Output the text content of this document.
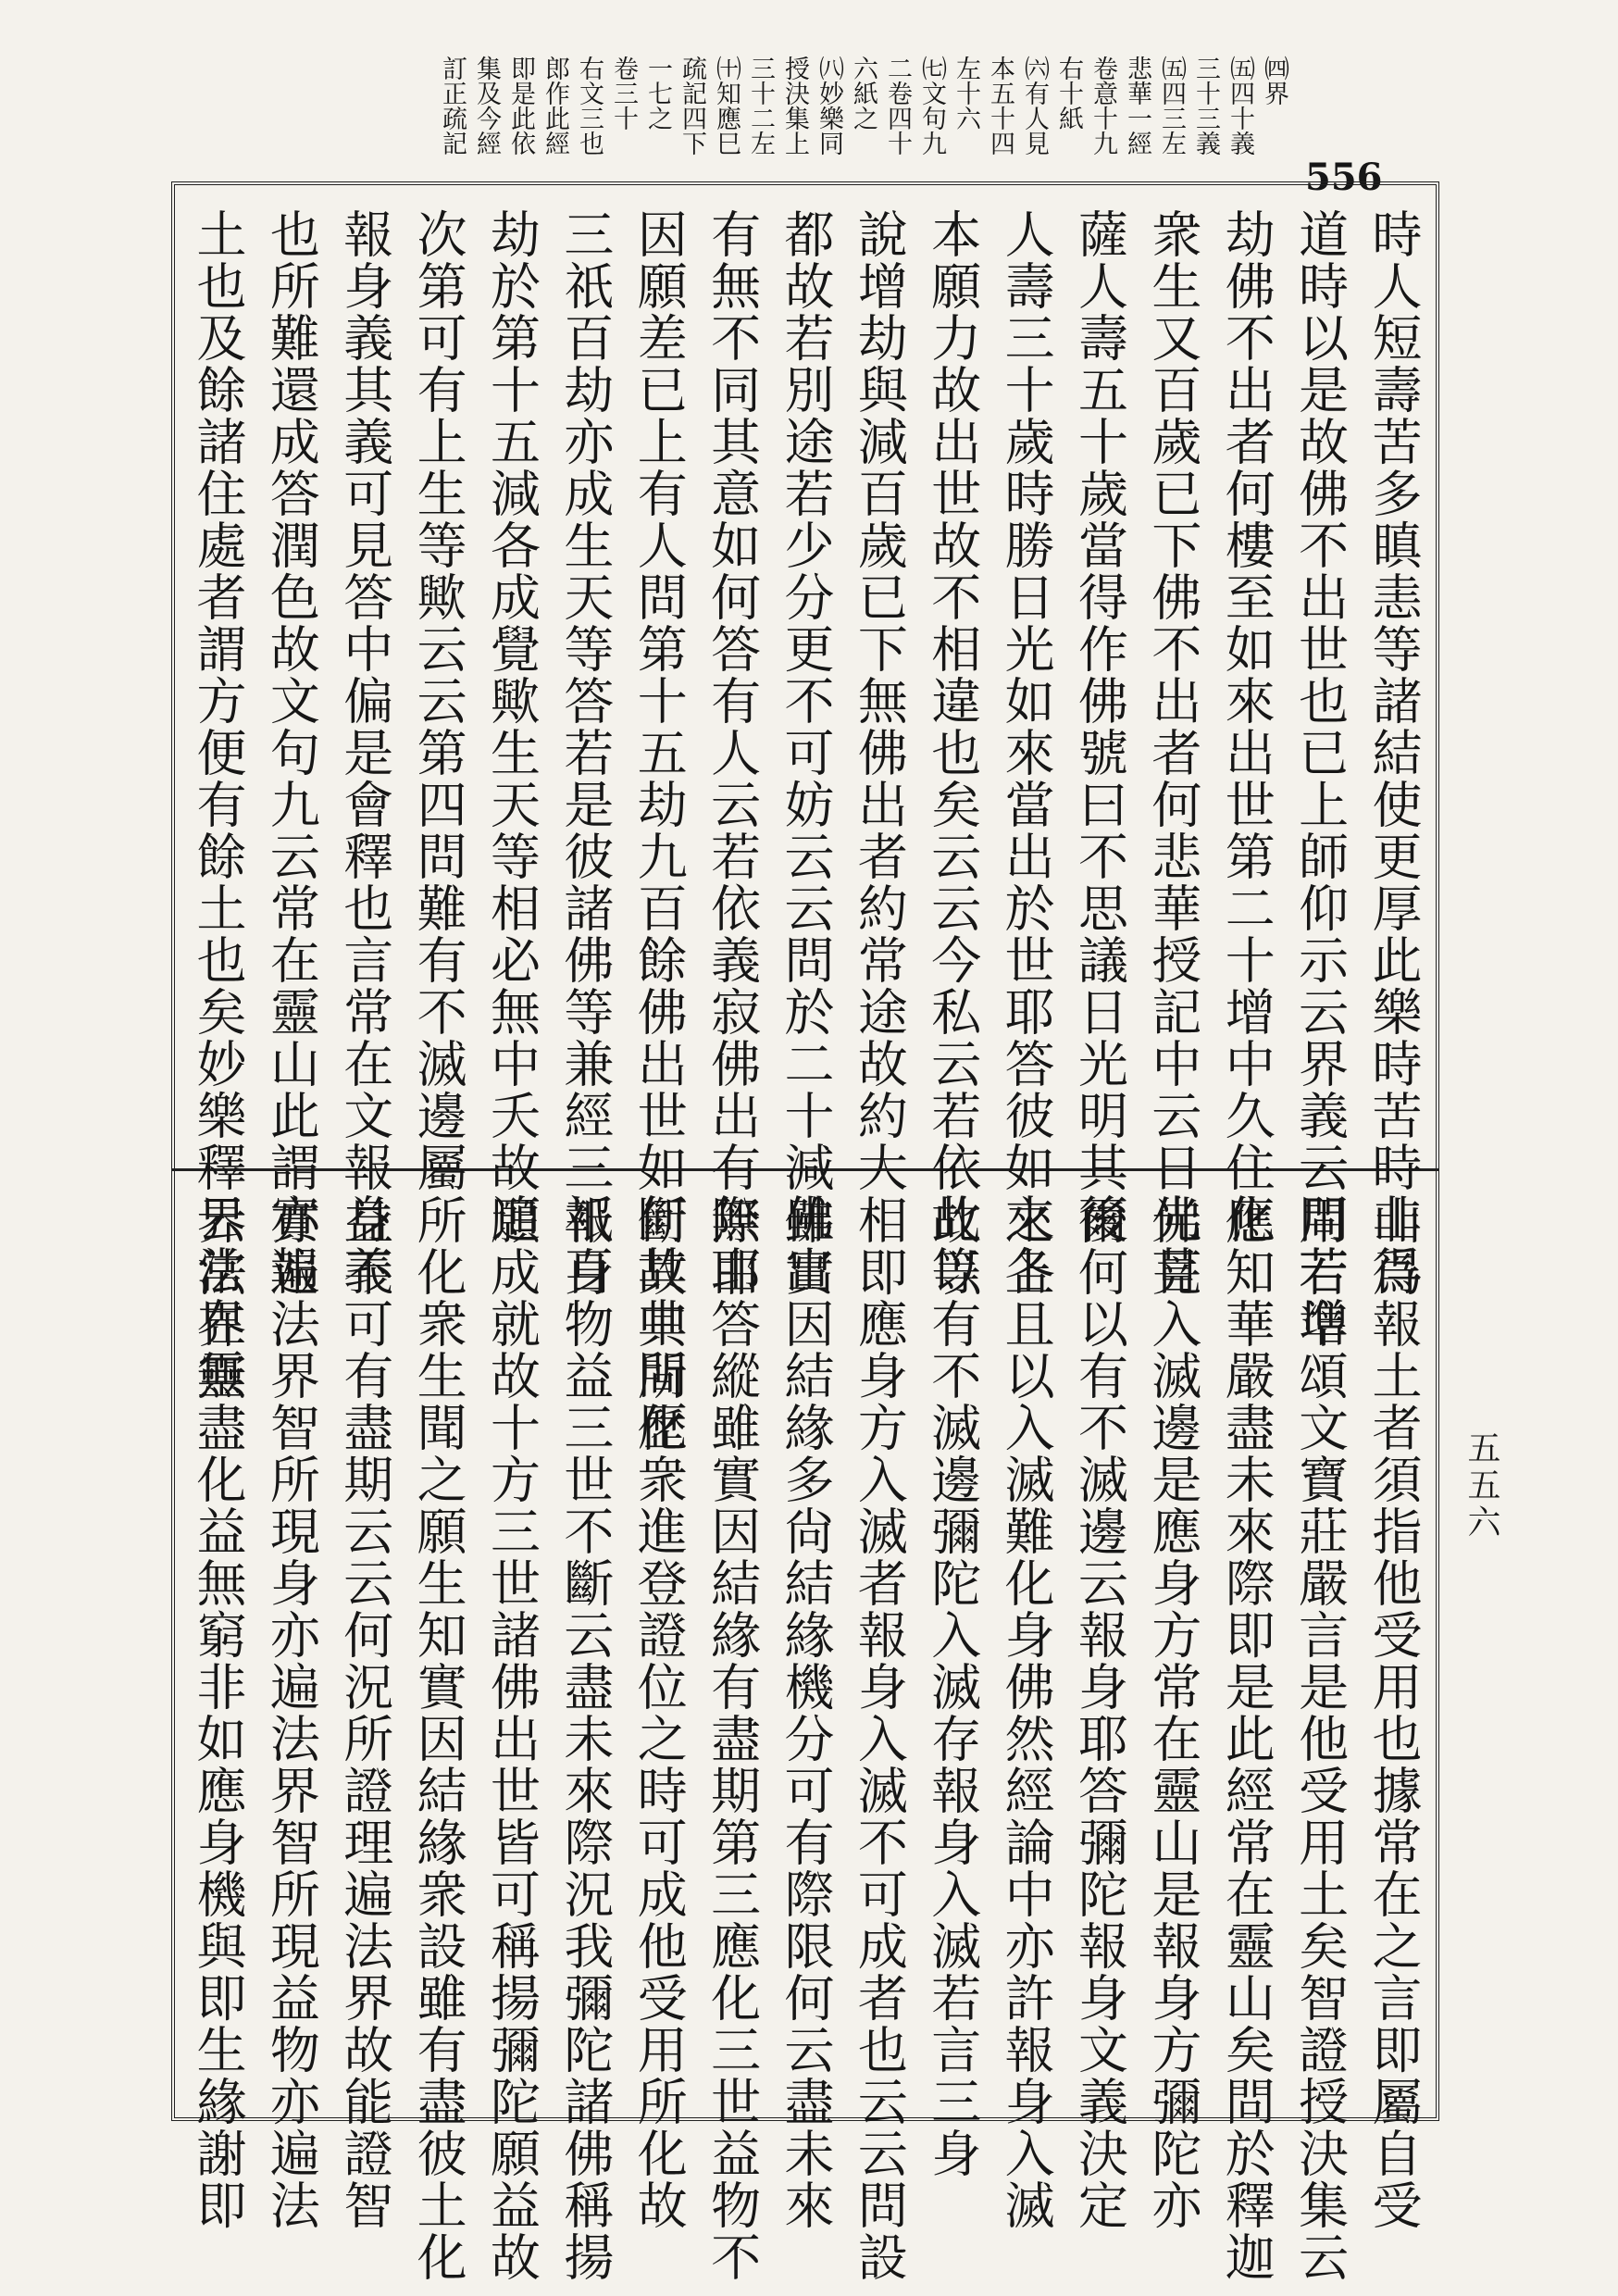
556
㈣界
㈤四十義
三十三義
㈤四三左
悲華一經
卷意十九
右十紙
㈥有人見
本五十四
左十六
㈦文句九
二卷四十
六紙之
㈧妙樂同
授決集上
三十二左
㈩知應巳
疏記四下
一七之
卷三十
右文三也
郎作此經
即是此依
集及今經
訂正疏記
時人短壽苦多瞋恚等諸結使更厚此樂時苦時非得
道時以是故佛不出世也已上師仰示云界義云問若增
劫佛不出者何樓至如來出世第二十增中久住化
衆生又百歲已下佛不出者何悲華授記中云日光菩
薩人壽五十歲當得作佛號曰不思議日光明其後
人壽三十歲時勝日光如來當出於世耶答彼如來各
本願力故出世故不相違也矣云云今私云若依此等
說增劫與減百歲已下無佛出者約常途故約大
都故若別途若少分更不可妨云云問於二十減佛出
有無不同其意如何答有人云若依義寂佛出有無由
因願差已上有人問第十五劫九百餘佛出世如何其中間歷
三祇百劫亦成生天等答若是彼諸佛等兼經三祇百
劫於第十五減各成覺歟生天等相必無中夭故追
次第可有上生等歟云云第四問難有不滅邊屬
報身義其義可見答中偏是會釋也言常在文報身義
也所難還成答潤色故文句九云常在靈山此謂實報
土也及餘諸住處者謂方便有餘土也矣妙樂釋云常在靈
山爲報土者須指他受用也據常在之言即屬自受
用若準頌文寶莊嚴言是他受用土矣智證授決集云
應知華嚴盡未來際即是此經常在靈山矣問於釋迦
佛見入滅邊是應身方常在靈山是報身方彌陀亦
爾何以有不滅邊云報身耶答彌陀報身文義決定
之上且以入滅難化身佛然經論中亦許報身入滅
故以有不滅邊彌陀入滅存報身入滅若言三身
相即應身方入滅者報身入滅不可成者也云云問設
雖實因結緣多尙結緣機分可有際限何云盡未來
際耶答縱雖實因結緣有盡期第三應化三世益物不
斷故其所化衆進登證位之時可成他受用所化故
報身物益三世不斷云盡未來際況我彌陀諸佛稱揚
願成就故十方三世諸佛出世皆可稱揚彌陀願益故
所化衆生聞之願生知實因結緣衆設雖有盡彼土化
益不可有盡期云云何況所證理遍法界故能證智
亦遍法界智所現身亦遍法界智所現益物亦遍法
界法界無盡化益無窮非如應身機與即生緣謝即	五五六
